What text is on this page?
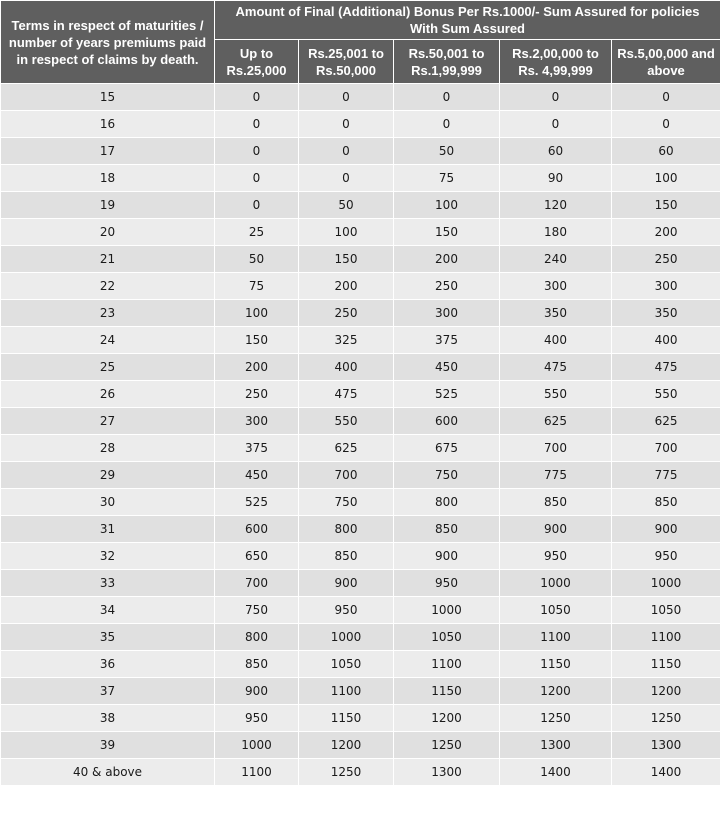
Terms in respect of maturities / number of years premiums paid in respect of claims by death.	Amount of Final (Additional) Bonus Per Rs.1000/- Sum Assured for policies With Sum Assured				
	Up to Rs.25,000	Rs.25,001 to Rs.50,000	Rs.50,001 to Rs.1,99,999	Rs.2,00,000 to Rs. 4,99,999	Rs.5,00,000 and above
15	0	0	0	0	0
16	0	0	0	0	0
17	0	0	50	60	60
18	0	0	75	90	100
19	0	50	100	120	150
20	25	100	150	180	200
21	50	150	200	240	250
22	75	200	250	300	300
23	100	250	300	350	350
24	150	325	375	400	400
25	200	400	450	475	475
26	250	475	525	550	550
27	300	550	600	625	625
28	375	625	675	700	700
29	450	700	750	775	775
30	525	750	800	850	850
31	600	800	850	900	900
32	650	850	900	950	950
33	700	900	950	1000	1000
34	750	950	1000	1050	1050
35	800	1000	1050	1100	1100
36	850	1050	1100	1150	1150
37	900	1100	1150	1200	1200
38	950	1150	1200	1250	1250
39	1000	1200	1250	1300	1300
40 & above	1100	1250	1300	1400	1400
